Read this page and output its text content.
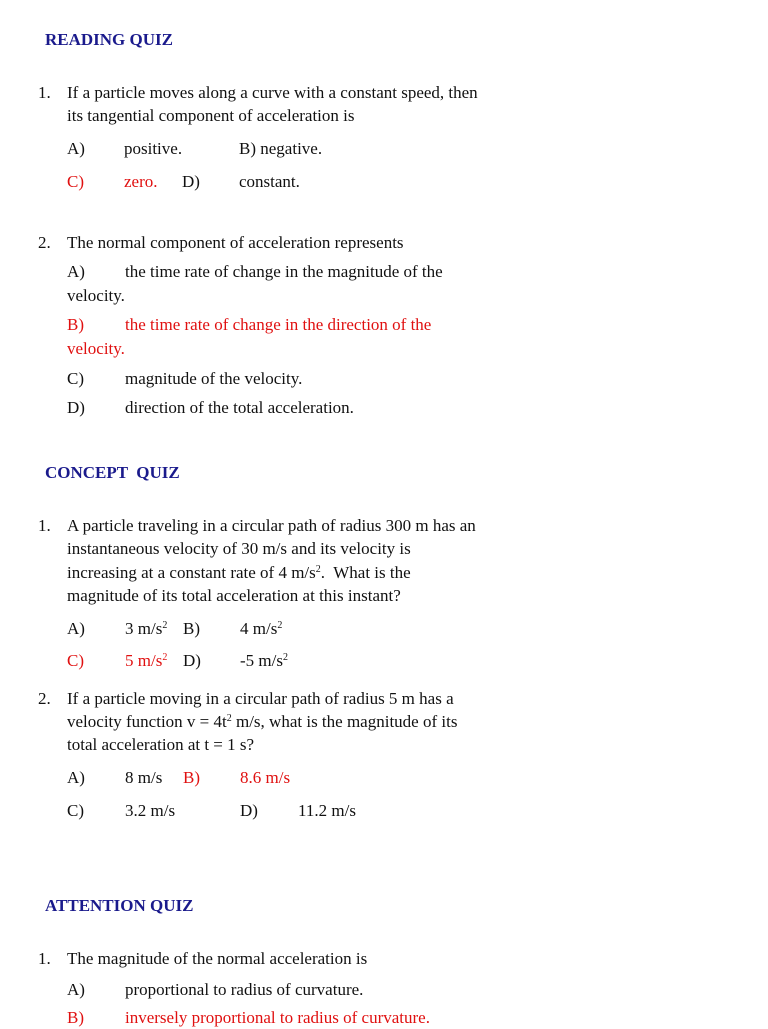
READING QUIZ
1. If a particle moves along a curve with a constant speed, then
its tangential component of acceleration is
A) positive.	B) negative.
C) zero. D) constant.
2. The normal component of acceleration represents
A) the time rate of change in the magnitude of the
velocity.
B) the time rate of change in the direction of the
velocity.
C) magnitude of the velocity.
D) direction of the total acceleration.
CONCEPT  QUIZ
1. A particle traveling in a circular path of radius 300 m has an
instantaneous velocity of 30 m/s and its velocity is
increasing at a constant rate of 4 $m/s^2$.  What is the
magnitude of its total acceleration at this instant?
A) 3 $m/s^2$ B) 4 $m/s^2$
C) 5 $m/s^2$ D) -5 $m/s^2$
2. If a particle moving in a circular path of radius 5 m has a
velocity function $v = 4t^2$ m/s, what is the magnitude of its
total acceleration at t = 1 s?
A) 8 m/s B) 8.6 m/s
C) 3.2 m/s	D) 11.2 m/s
ATTENTION QUIZ
1. The magnitude of the normal acceleration is
A) proportional to radius of curvature.
B) inversely proportional to radius of curvature.
